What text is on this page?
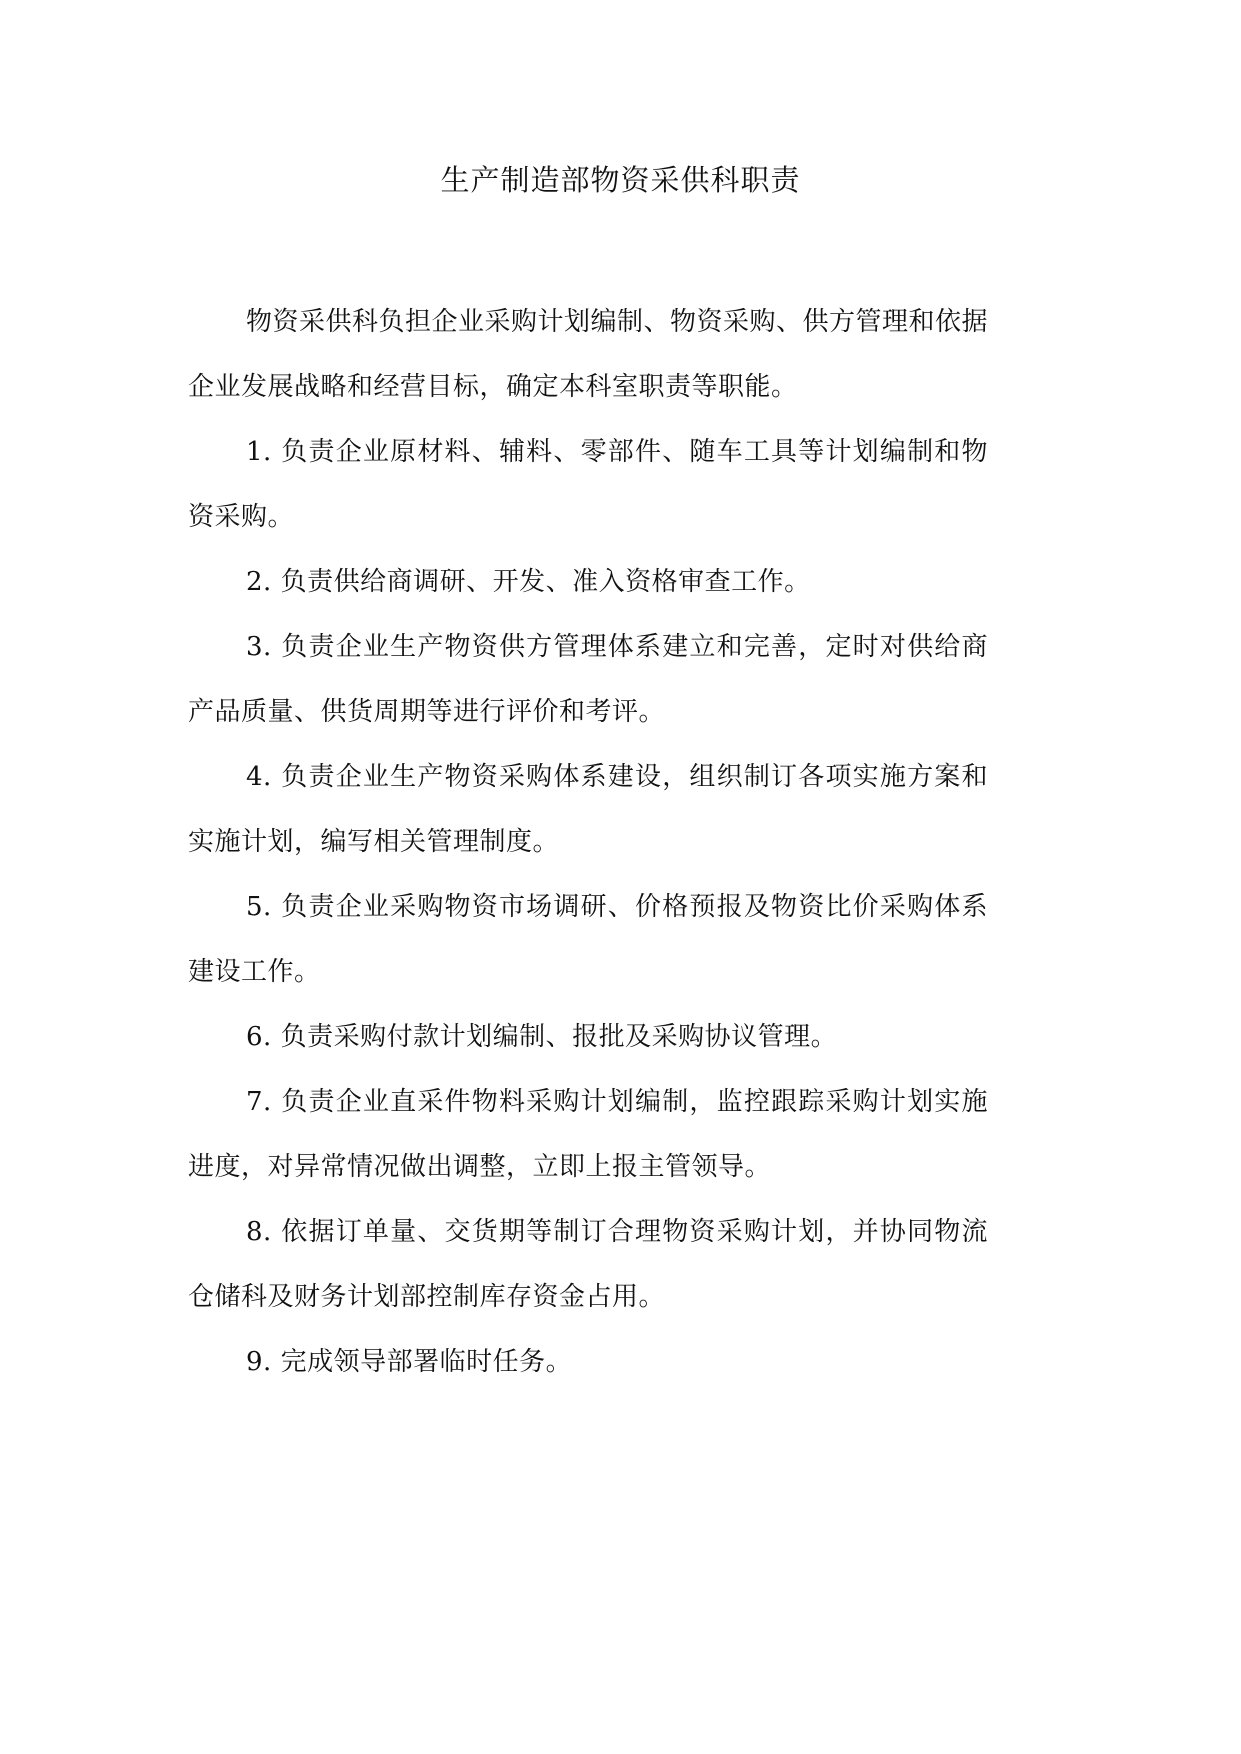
生产制造部物资采供科职责

物资采供科负担企业采购计划编制、物资采购、供方管理和依据企业发展战略和经营目标，确定本科室职责等职能。

1. 负责企业原材料、辅料、零部件、随车工具等计划编制和物资采购。

2. 负责供给商调研、开发、准入资格审查工作。

3. 负责企业生产物资供方管理体系建立和完善，定时对供给商产品质量、供货周期等进行评价和考评。

4. 负责企业生产物资采购体系建设，组织制订各项实施方案和实施计划，编写相关管理制度。

5. 负责企业采购物资市场调研、价格预报及物资比价采购体系建设工作。

6. 负责采购付款计划编制、报批及采购协议管理。

7. 负责企业直采件物料采购计划编制，监控跟踪采购计划实施进度，对异常情况做出调整，立即上报主管领导。

8. 依据订单量、交货期等制订合理物资采购计划，并协同物流仓储科及财务计划部控制库存资金占用。

9. 完成领导部署临时任务。
